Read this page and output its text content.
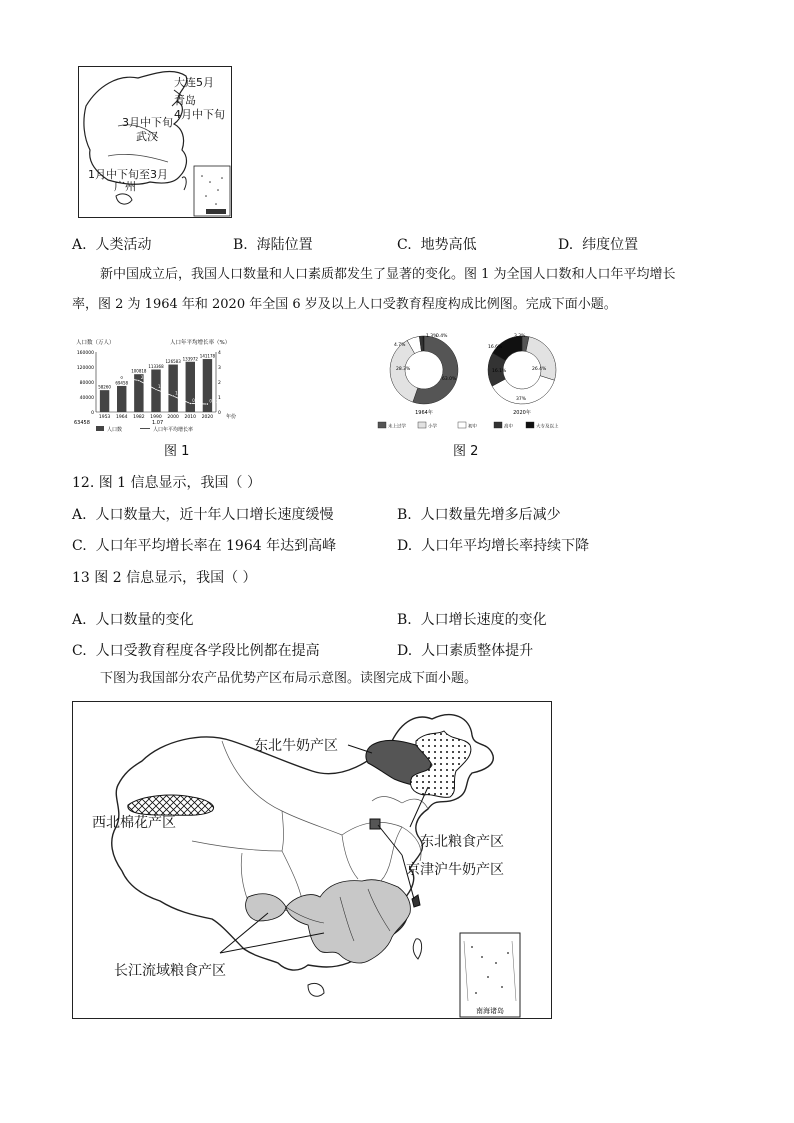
大连5月
青岛
4月中下旬
3月中下旬
武汉
1月中下旬至3月
广州
A. 人类活动	B. 海陆位置	C. 地势高低	D. 纬度位置
新中国成立后，我国人口数量和人口素质都发生了显著的变化。图 1 为全国人口数和人口年平均增长
率，图 2 为 1964 年和 2020 年全国 6 岁及以上人口受教育程度构成比例图。完成下面小题。
人口数（万人）	人口年平均增长率（%）
0
40000
80000
120000
160000
0
1
2
3
4
58260
1953
69458
1964
100818
1982
113368
1990
126583
2000
133972
2010
141178
2020
2.3
2.1
1.5
1.07
0.57 0.53
年份
人口数	人口年平均增长率
63458	1.07
图 1
1964年	2020年
1.3%
0.4%
4.7%
28.3%
63.0%
3.3%
26.4%
37%
16.1%
16.6%
未上过学	小学	初中	高中	大专及以上
图 2
12. 图 1 信息显示，我国（ ）
A. 人口数量大，近十年人口增长速度缓慢	B. 人口数量先增多后减少
C. 人口年平均增长率在 1964 年达到高峰	D. 人口年平均增长率持续下降
13 图 2 信息显示，我国（ ）
A. 人口数量的变化	B. 人口增长速度的变化
C. 人口受教育程度各学段比例都在提高	D. 人口素质整体提升
下图为我国部分农产品优势产区布局示意图。读图完成下面小题。
南海诸岛
东北牛奶产区
西北棉花产区
东北粮食产区
京津沪牛奶产区
长江流域粮食产区
